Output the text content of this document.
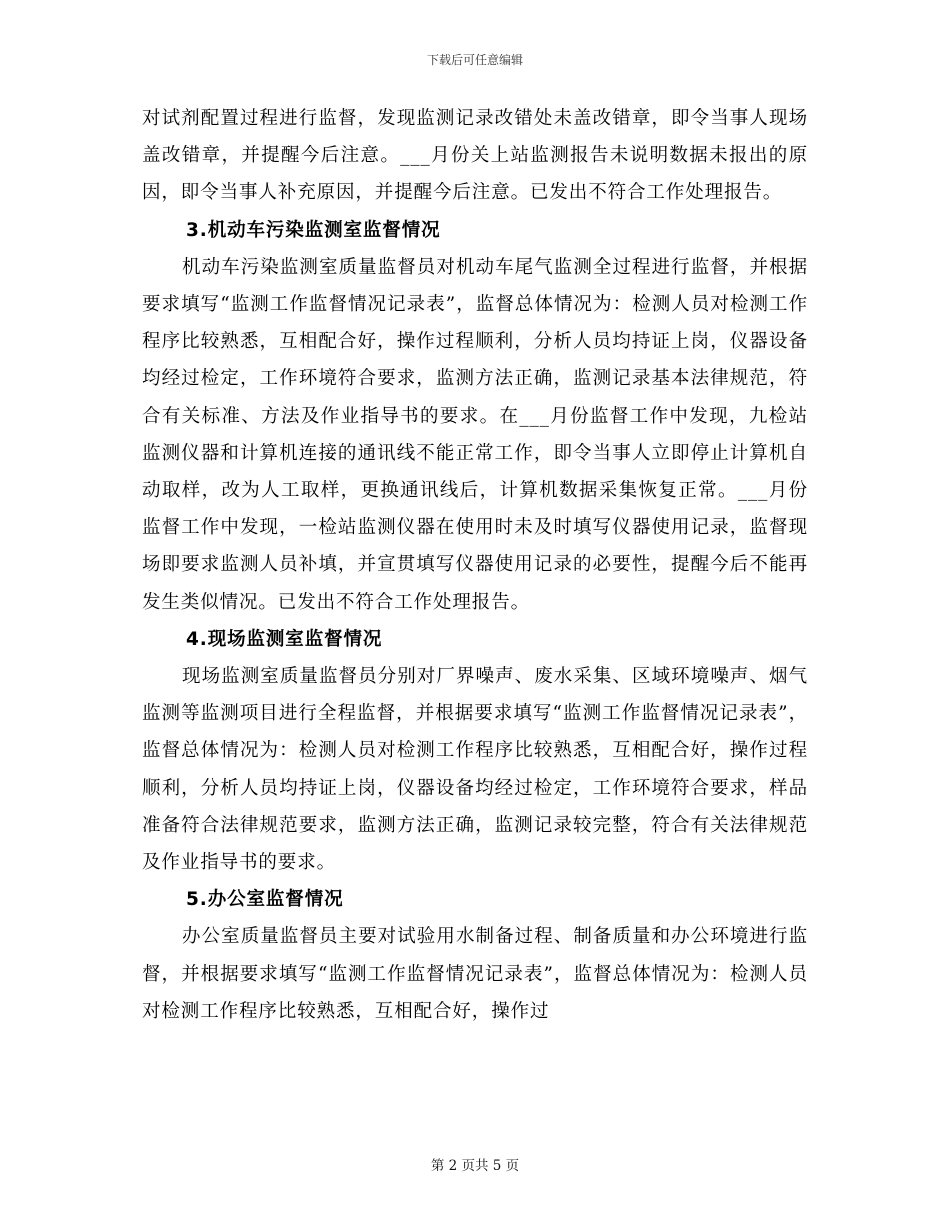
下载后可任意编辑

对试剂配置过程进行监督，发现监测记录改错处未盖改错章，即令当事人现场盖改错章，并提醒今后注意。___月份关上站监测报告未说明数据未报出的原因，即令当事人补充原因，并提醒今后注意。已发出不符合工作处理报告。

3.机动车污染监测室监督情况

机动车污染监测室质量监督员对机动车尾气监测全过程进行监督，并根据要求填写“监测工作监督情况记录表”，监督总体情况为：检测人员对检测工作程序比较熟悉，互相配合好，操作过程顺利，分析人员均持证上岗，仪器设备均经过检定，工作环境符合要求，监测方法正确，监测记录基本法律规范，符合有关标准、方法及作业指导书的要求。在___月份监督工作中发现，九检站监测仪器和计算机连接的通讯线不能正常工作，即令当事人立即停止计算机自动取样，改为人工取样，更换通讯线后，计算机数据采集恢复正常。___月份监督工作中发现，一检站监测仪器在使用时未及时填写仪器使用记录，监督现场即要求监测人员补填，并宣贯填写仪器使用记录的必要性，提醒今后不能再发生类似情况。已发出不符合工作处理报告。

4.现场监测室监督情况

现场监测室质量监督员分别对厂界噪声、废水采集、区域环境噪声、烟气监测等监测项目进行全程监督，并根据要求填写“监测工作监督情况记录表”，监督总体情况为：检测人员对检测工作程序比较熟悉，互相配合好，操作过程顺利，分析人员均持证上岗，仪器设备均经过检定，工作环境符合要求，样品准备符合法律规范要求，监测方法正确，监测记录较完整，符合有关法律规范及作业指导书的要求。

5.办公室监督情况

办公室质量监督员主要对试验用水制备过程、制备质量和办公环境进行监督，并根据要求填写“监测工作监督情况记录表”，监督总体情况为：检测人员对检测工作程序比较熟悉，互相配合好，操作过

第 2 页共 5 页
